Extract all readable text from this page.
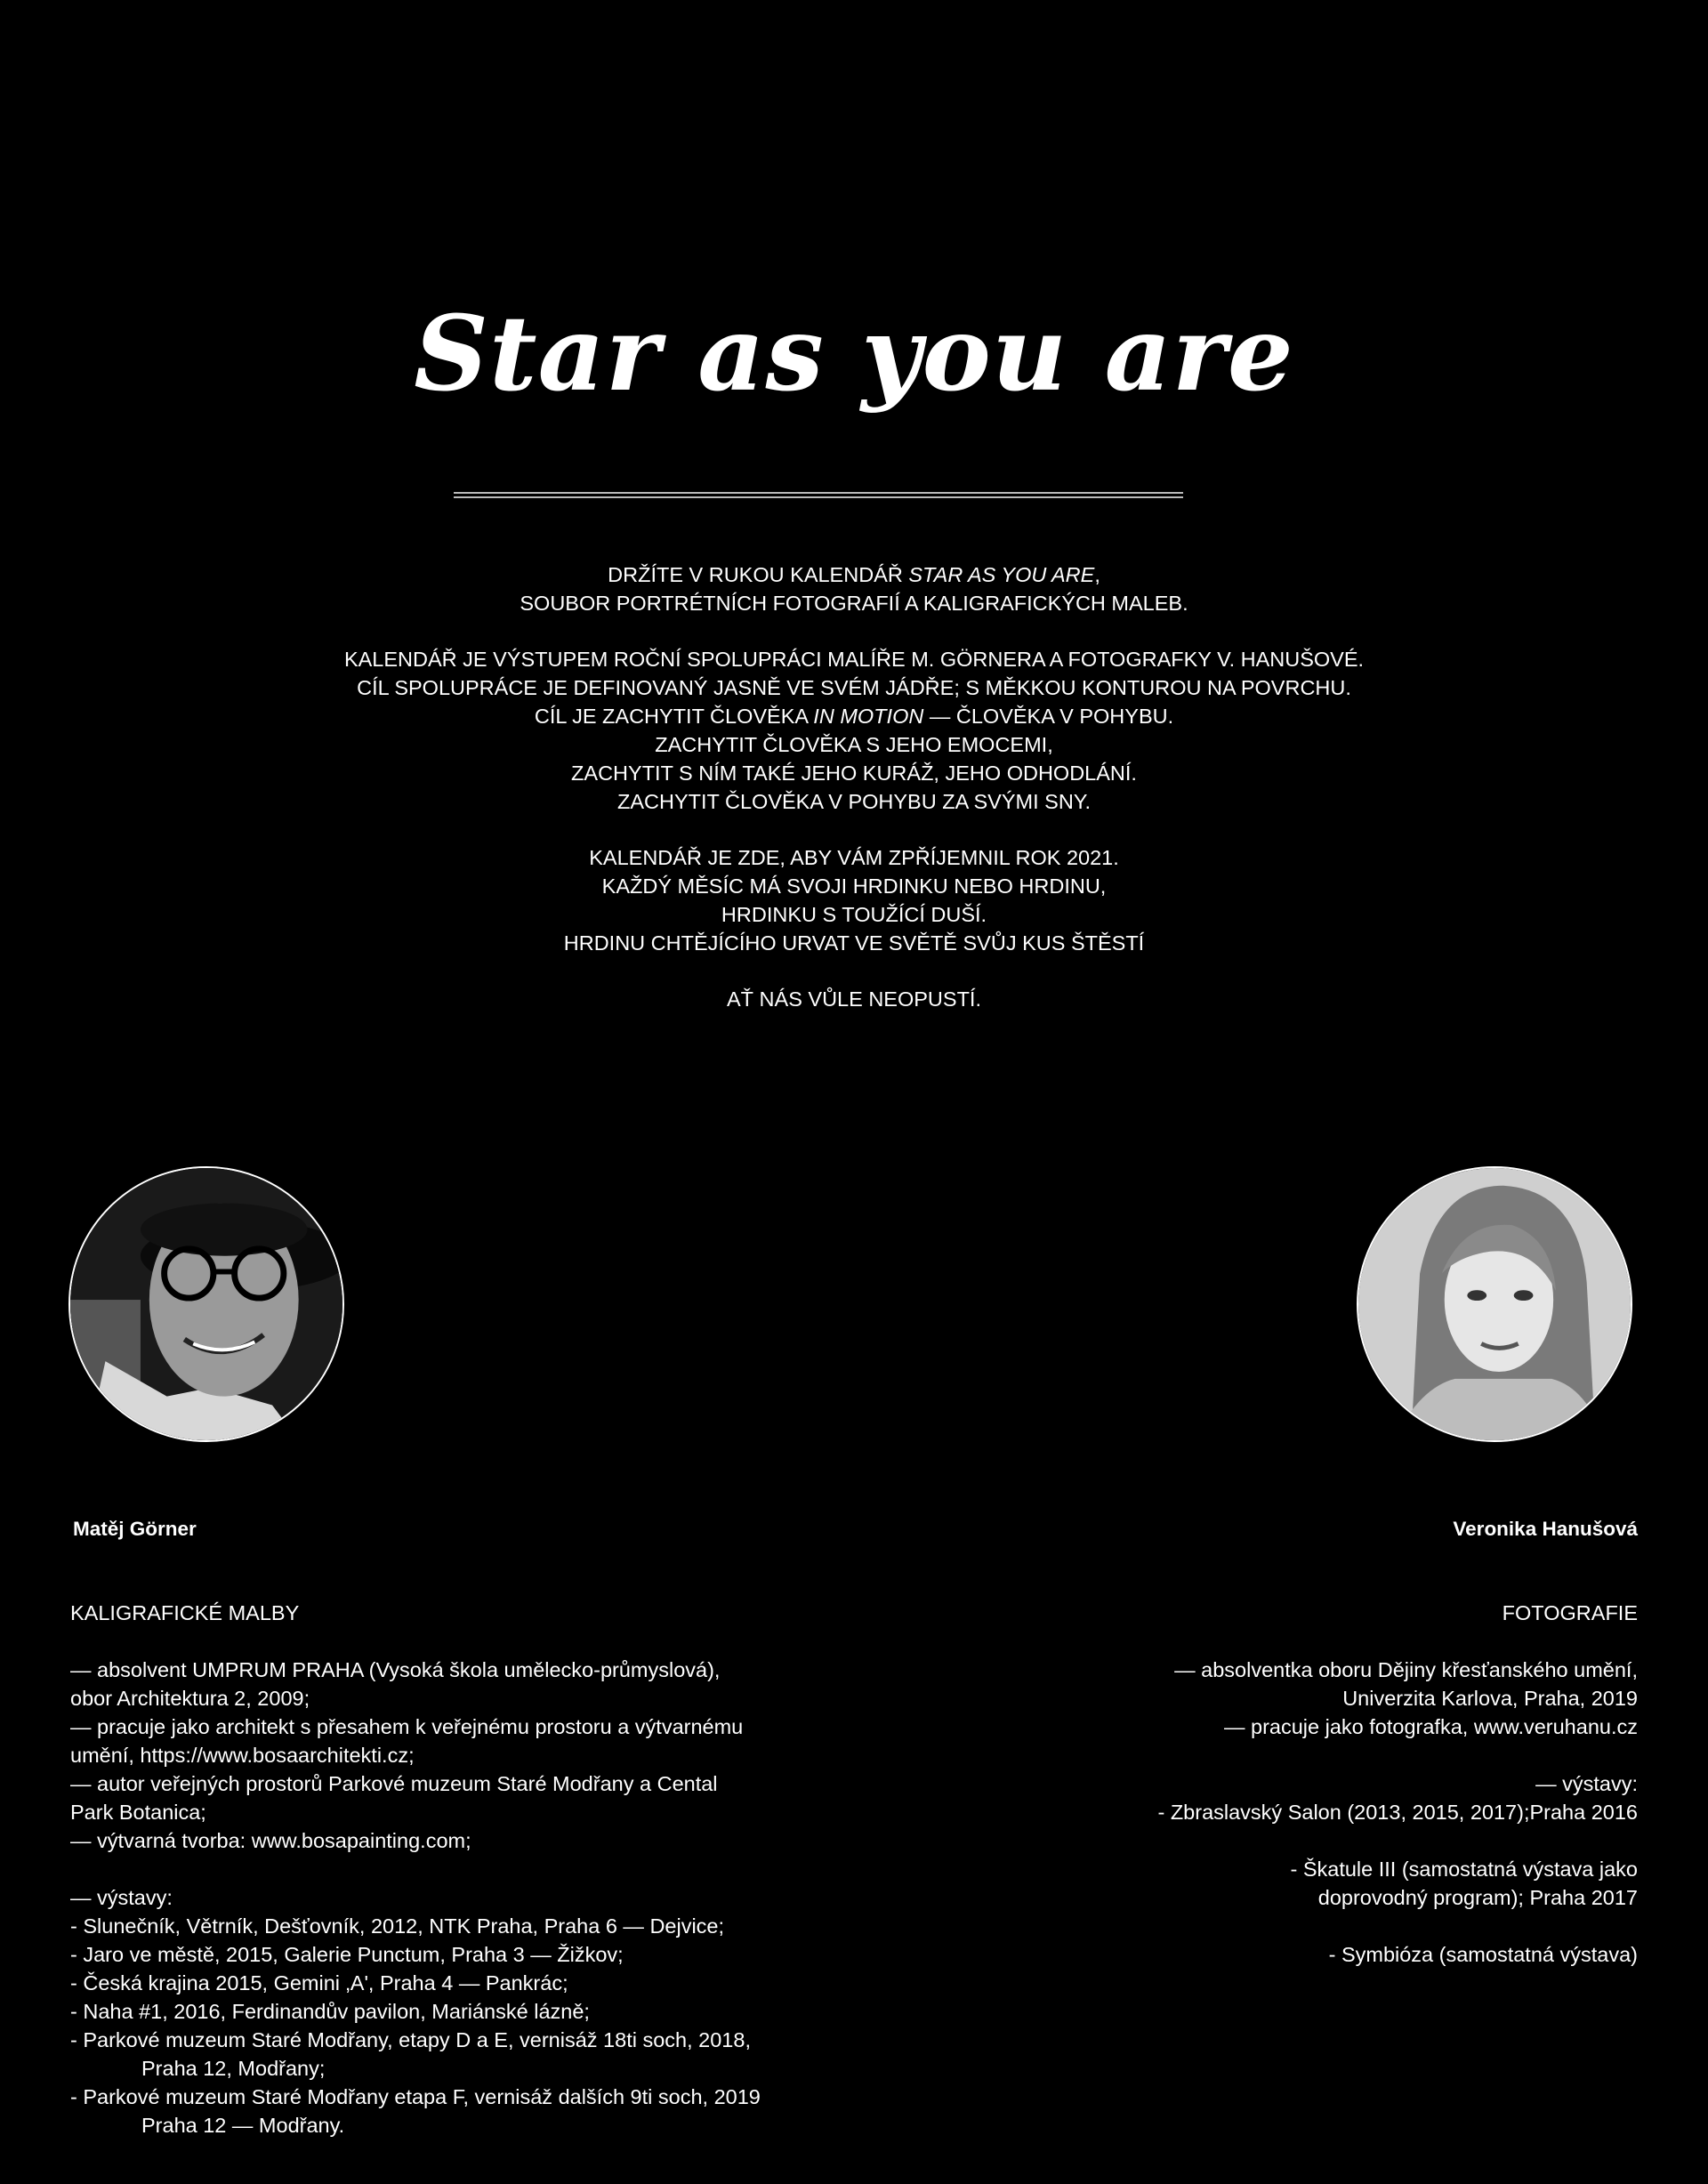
Star as you are

DRŽÍTE V RUKOU KALENDÁŘ STAR AS YOU ARE,

SOUBOR PORTRÉTNÍCH FOTOGRAFIÍ A KALIGRAFICKÝCH MALEB.

KALENDÁŘ JE VÝSTUPEM ROČNÍ SPOLUPRÁCI MALÍŘE M. GÖRNERA A FOTOGRAFKY V. HANUŠOVÉ.

CÍL SPOLUPRÁCE JE DEFINOVANÝ JASNĚ VE SVÉM JÁDŘE; S MĚKKOU KONTUROU NA POVRCHU.

CÍL JE ZACHYTIT ČLOVĚKA IN MOTION — ČLOVĚKA V POHYBU.

ZACHYTIT ČLOVĚKA S JEHO EMOCEMI,

ZACHYTIT S NÍM TAKÉ JEHO KURÁŽ, JEHO ODHODLÁNÍ.

ZACHYTIT ČLOVĚKA V POHYBU ZA SVÝMI SNY.

KALENDÁŘ JE ZDE, ABY VÁM ZPŘÍJEMNIL ROK 2021.

KAŽDÝ MĚSÍC MÁ SVOJI HRDINKU NEBO HRDINU,

HRDINKU S TOUŽÍCÍ DUŠÍ.

HRDINU CHTĚJÍCÍHO URVAT VE SVĚTĚ SVŮJ KUS ŠTĚSTÍ

AŤ NÁS VŮLE NEOPUSTÍ.

Matěj Görner	Veronika Hanušová

KALIGRAFICKÉ MALBY

— absolvent UMPRUM PRAHA (Vysoká škola umělecko-průmyslová),

obor Architektura 2, 2009;

— pracuje jako architekt s přesahem k veřejnému prostoru a výtvarnému

umění, https://www.bosaarchitekti.cz;

— autor veřejných prostorů Parkové muzeum Staré Modřany a Cental

Park Botanica;

— výtvarná tvorba: www.bosapainting.com;

— výstavy:

- Slunečník, Větrník, Dešťovník, 2012, NTK Praha, Praha 6 — Dejvice;

- Jaro ve městě, 2015, Galerie Punctum, Praha 3 — Žižkov;

- Česká krajina 2015, Gemini ‚A', Praha 4 — Pankrác;

- Naha #1, 2016, Ferdinandův pavilon, Mariánské lázně;

- Parkové muzeum Staré Modřany, etapy D a E, vernisáž 18ti soch, 2018,

Praha 12, Modřany;

- Parkové muzeum Staré Modřany etapa F, vernisáž dalších 9ti soch, 2019

Praha 12 — Modřany.

FOTOGRAFIE

— absolventka oboru Dějiny křesťanského umění,

Univerzita Karlova, Praha, 2019

— pracuje jako fotografka, www.veruhanu.cz

— výstavy:

- Zbraslavský Salon (2013, 2015, 2017);Praha 2016

- Škatule III (samostatná výstava jako

doprovodný program); Praha 2017

- Symbióza (samostatná výstava)
